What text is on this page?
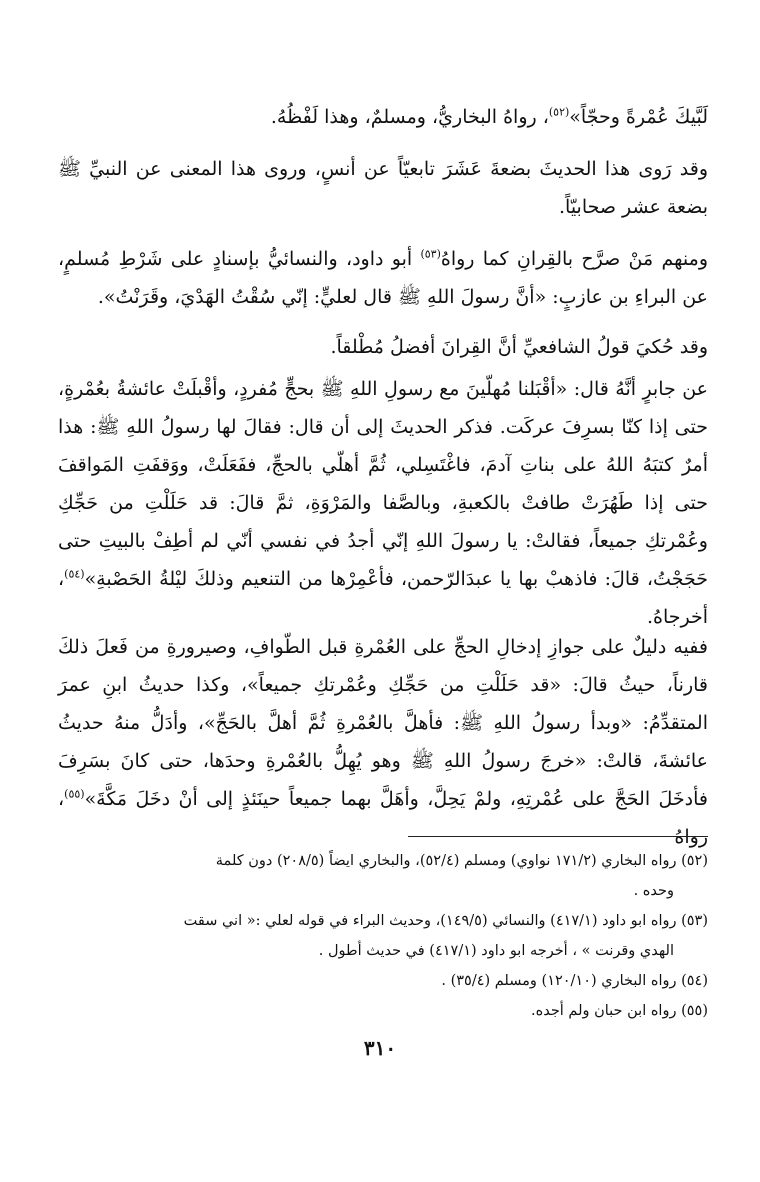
لَبَّيكَ عُمْرةً وحجّاً»$^{(٥٢)}$، رواهُ البخاريُّ، ومسلمٌ، وهذا لَفْظُهُ.

وقد رَوى هذا الحديثَ بضعةَ عَشَرَ تابعيّاً عن أنسٍ، وروى هذا المعنى عن النبيِّ ﷺ بضعة عشر صحابيّاً.

ومنهم مَنْ صرَّح بالقِرانِ كما رواهُ$^{(٥٣)}$ أبو داود، والنسائيُّ بإسنادٍ على شَرْطِ مُسلمٍ، عن البراءِ بن عازبٍ: «أنَّ رسولَ اللهِ ﷺ قال لعليٍّ: إنّي سُقْتُ الهَدْيَ، وقَرَنْتُ».

وقد حُكيَ قولُ الشافعيِّ أنَّ القِرانَ أفضلُ مُطْلقاً.

عن جابرٍ أنَّهُ قال: «أقْبَلنا مُهلّينَ مع رسولِ اللهِ ﷺ بحجٍّ مُفردٍ، وأقْبلَتْ عائشةُ بعُمْرةٍ، حتى إذا كنّا بسرِفَ عركَت. فذكر الحديثَ إلى أن قال: فقالَ لها رسولُ اللهِ ﷺ: هذا أمرٌ كتبَهُ اللهُ على بناتِ آدمَ، فاغْتَسِلي، ثُمَّ أهلّي بالحجِّ، ففَعَلَتْ، ووَقفَتِ المَواقفَ حتى إذا طَهُرَتْ طافتْ بالكعبةِ، وبالصَّفا والمَرْوَةِ، ثمَّ قالَ: قد حَلَلْتِ من حَجِّكِ وعُمْرتكِ جميعاً، فقالتْ: يا رسولَ اللهِ إنّي أجدُ في نفسي أنّي لم أطِفْ بالبيتِ حتى حَجَجْتُ، قالَ: فاذهبْ بها يا عبدَالرّحمن، فأعْمِرْها من التنعيم وذلكَ ليْلةُ الحَصْبةِ»$^{(٥٤)}$، أخرجاهُ.

ففيه دليلٌ على جوازِ إدخالِ الحجِّ على العُمْرةِ قبل الطّوافِ، وصيرورةِ من فَعلَ ذلكَ قارناً، حيثُ قالَ: «قد حَلَلْتِ من حَجِّكِ وعُمْرتكِ جميعاً»، وكذا حديثُ ابنِ عمرَ المتقدِّمُ: «وبدأ رسولُ اللهِ ﷺ: فأهلَّ بالعُمْرةِ ثُمَّ أهلَّ بالحَجِّ»، وأدَلُّ منهُ حديثُ عائشةَ، قالتْ: «خرجَ رسولُ اللهِ ﷺ وهو يُهِلُّ بالعُمْرةِ وحدَها، حتى كانَ بسَرِفَ فأدخَلَ الحَجَّ على عُمْرتِهِ، ولمْ يَحِلَّ، وأهَلَّ بهما جميعاً حينَئذٍ إلى أنْ دخَلَ مَكَّةَ»$^{(٥٥)}$، رواهُ

(٥٢) رواه البخاري (١٧١/٢ نواوي) ومسلم (٥٢/٤)، والبخاري ايضاً (٢٠٨/٥) دون كلمة
وحده .
(٥٣) رواه ابو داود (٤١٧/١) والنسائي (١٤٩/٥)، وحديث البراء في قوله لعلي :« اني سقت
الهدي وقرنت » ، أخرجه ابو داود (٤١٧/١) في حديث أطول .
(٥٤) رواه البخاري (١٢٠/١٠) ومسلم (٣٥/٤) .
(٥٥) رواه ابن حبان ولم أجده.
٣١٠
